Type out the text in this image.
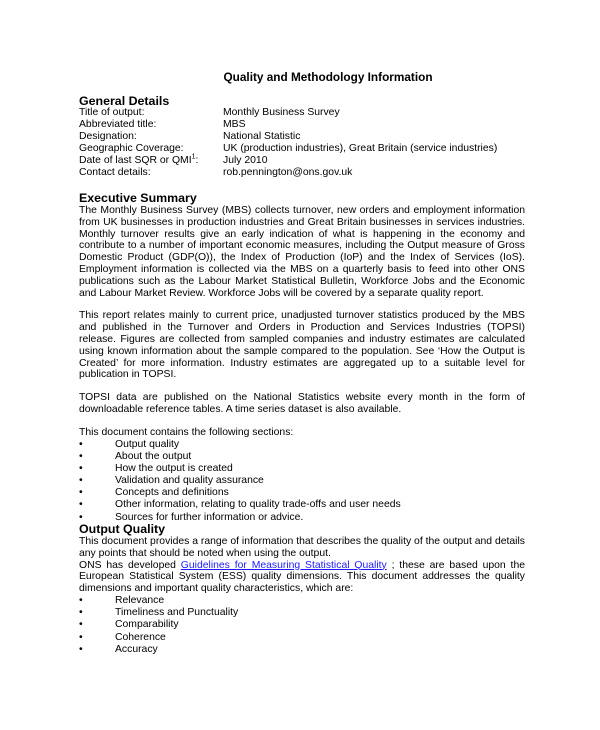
Quality and Methodology Information
General Details
Title of output:	Monthly Business Survey
Abbreviated title:	MBS
Designation:	National Statistic
Geographic Coverage:	UK (production industries), Great Britain (service industries)
Date of last SQR or QMI$^1$:	July 2010
Contact details:	rob.pennington@ons.gov.uk
Executive Summary

The Monthly Business Survey (MBS) collects turnover, new orders and employment information from UK businesses in production industries and Great Britain businesses in services industries. Monthly turnover results give an early indication of what is happening in the economy and contribute to a number of important economic measures, including the Output measure of Gross Domestic Product (GDP(O)), the Index of Production (IoP) and the Index of Services (IoS). Employment information is collected via the MBS on a quarterly basis to feed into other ONS publications such as the Labour Market Statistical Bulletin, Workforce Jobs and the Economic and Labour Market Review. Workforce Jobs will be covered by a separate quality report.

This report relates mainly to current price, unadjusted turnover statistics produced by the MBS and published in the Turnover and Orders in Production and Services Industries (TOPSI) release. Figures are collected from sampled companies and industry estimates are calculated using known information about the sample compared to the population. See ‘How the Output is Created’ for more information. Industry estimates are aggregated up to a suitable level for publication in TOPSI.

TOPSI data are published on the National Statistics website every month in the form of downloadable reference tables. A time series dataset is also available.

This document contains the following sections:

•	Output quality
•	About the output
•	How the output is created
•	Validation and quality assurance
•	Concepts and definitions
•	Other information, relating to quality trade-offs and user needs
•	Sources for further information or advice.
Output Quality

This document provides a range of information that describes the quality of the output and details any points that should be noted when using the output.

ONS has developed Guidelines for Measuring Statistical Quality ; these are based upon the European Statistical System (ESS) quality dimensions. This document addresses the quality dimensions and important quality characteristics, which are:

•	Relevance
•	Timeliness and Punctuality
•	Comparability
•	Coherence
•	Accuracy
